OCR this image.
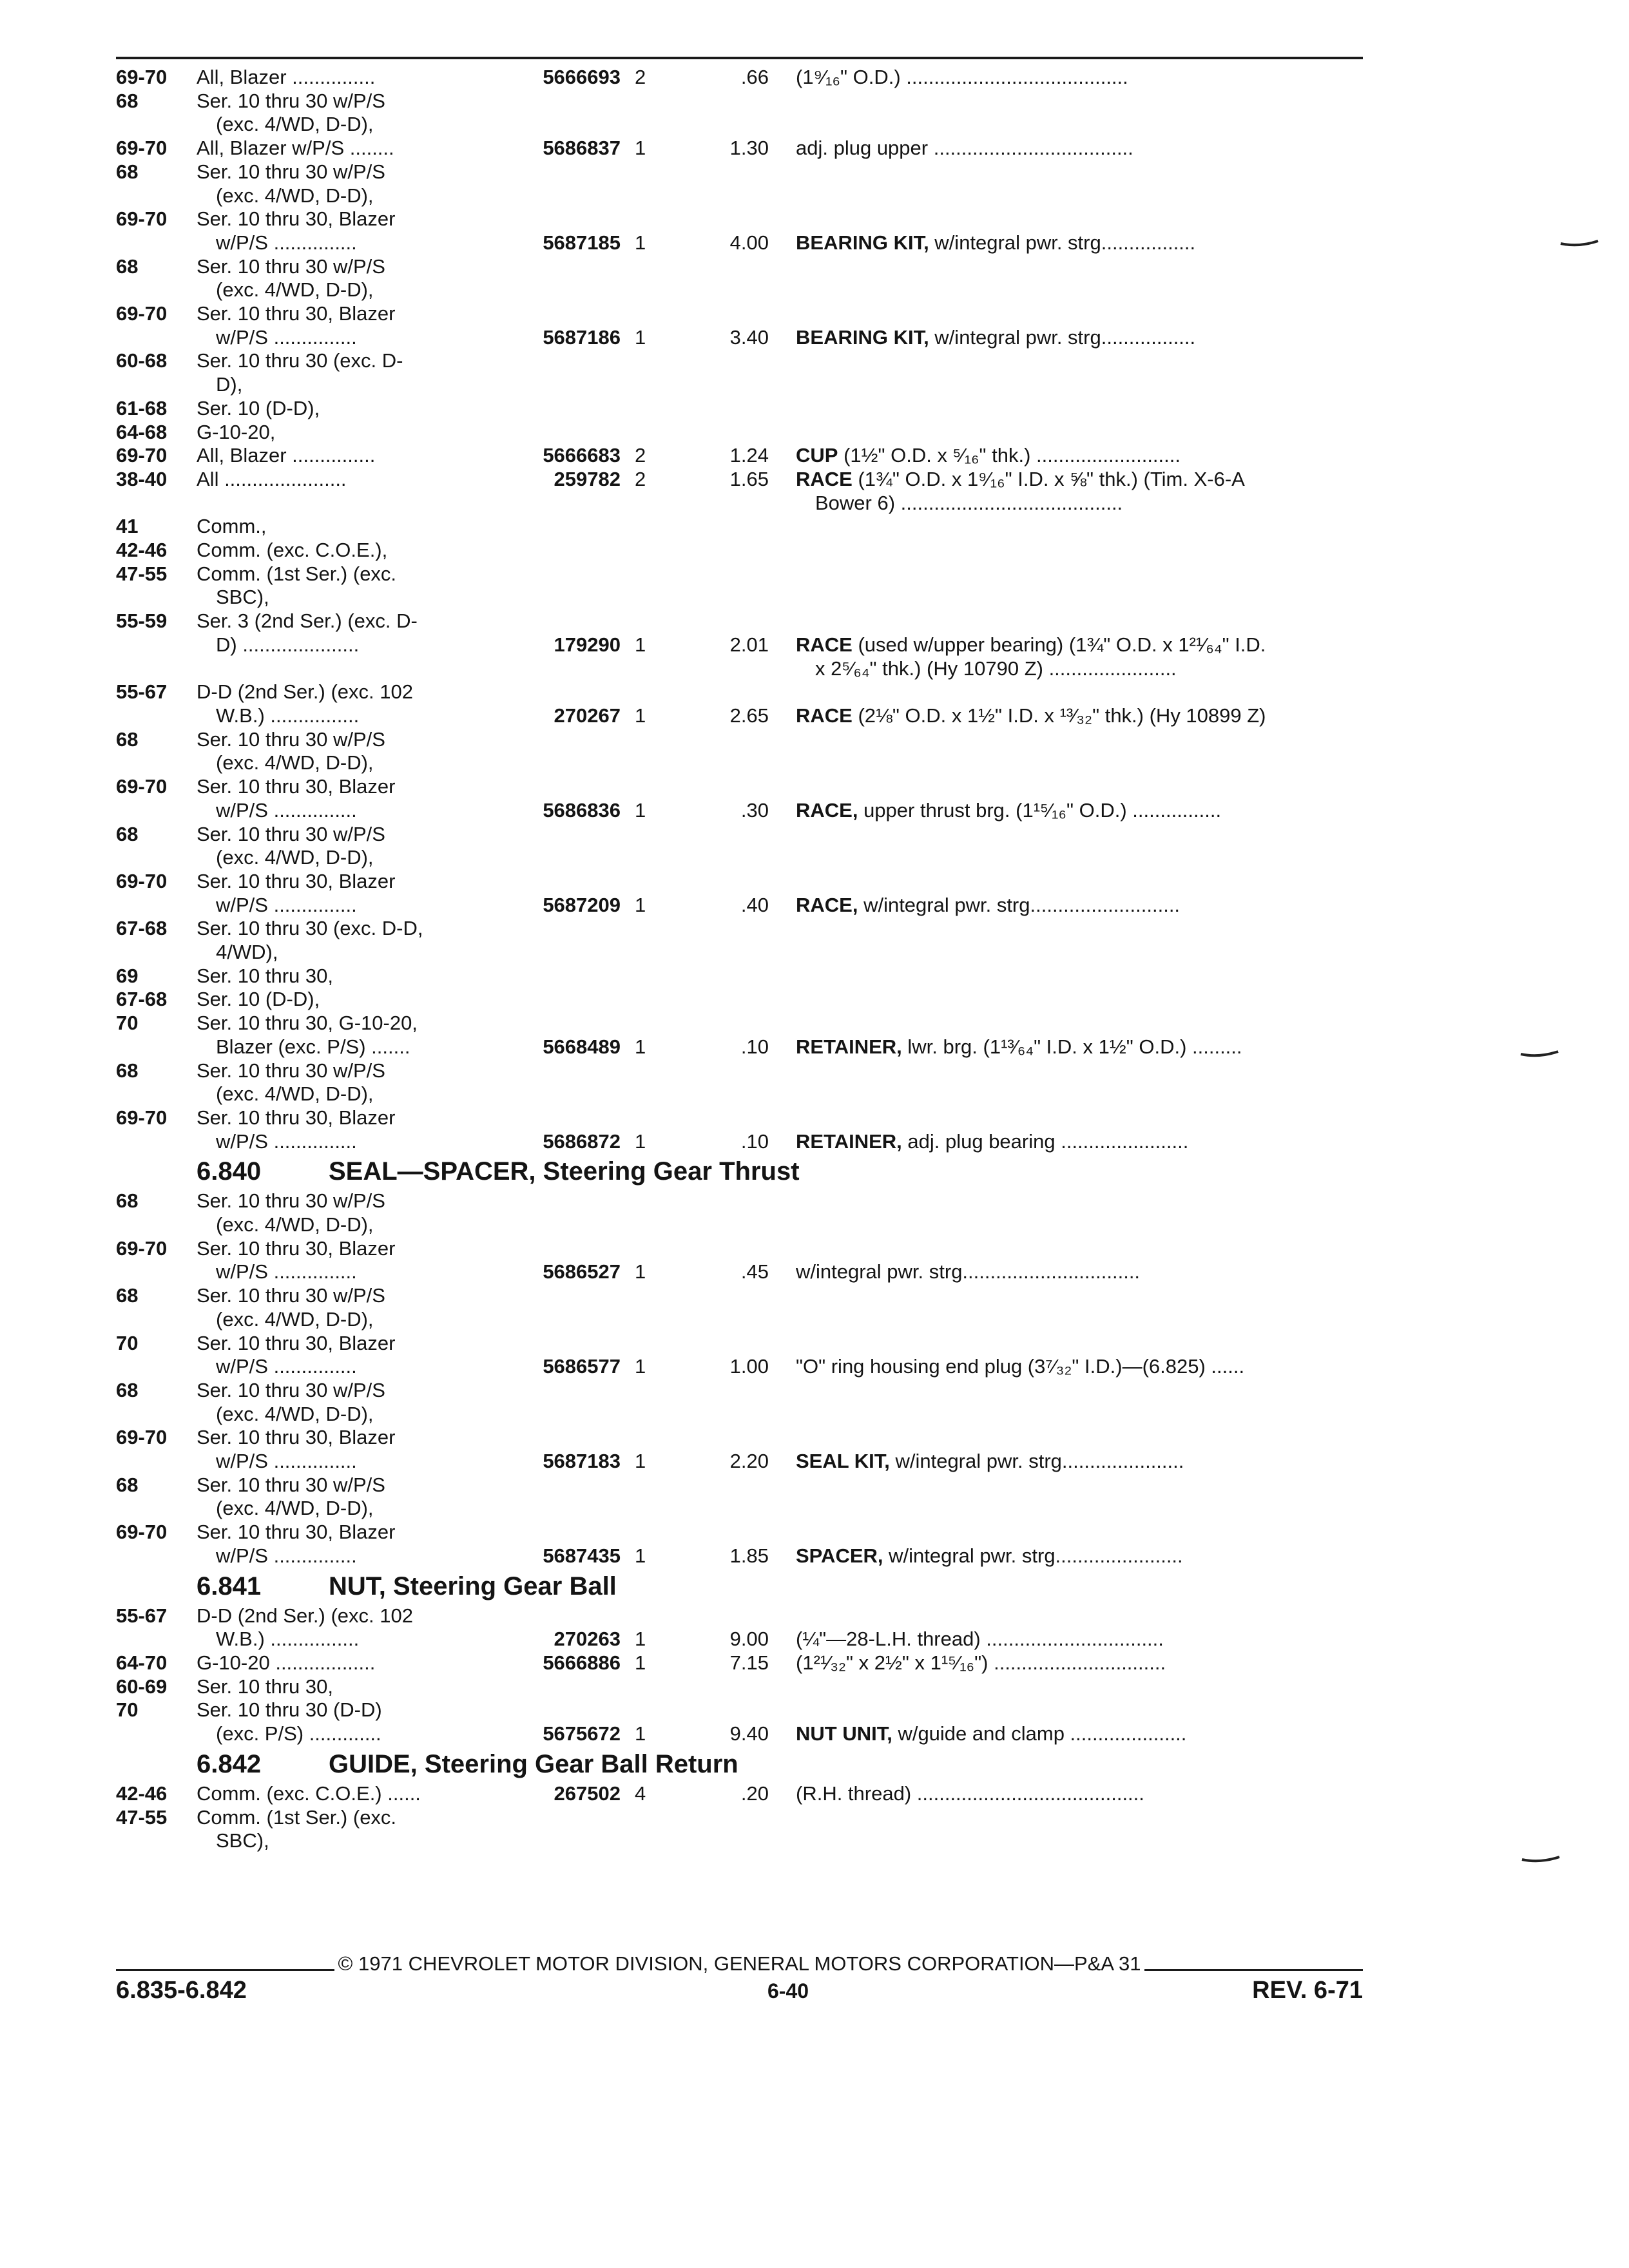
69-70	All, Blazer ...............	5666693 2	.66	(1⁹⁄₁₆" O.D.) ........................................
68	Ser. 10 thru 30 w/P/S
(exc. 4/WD, D-D),
69-70	All, Blazer w/P/S ........	5686837 1	1.30	adj. plug upper ....................................
68	Ser. 10 thru 30 w/P/S
(exc. 4/WD, D-D),
69-70	Ser. 10 thru 30, Blazer
w/P/S ...............	5687185 1	4.00	BEARING KIT, w/integral pwr. strg.................
68	Ser. 10 thru 30 w/P/S
(exc. 4/WD, D-D),
69-70	Ser. 10 thru 30, Blazer
w/P/S ...............	5687186 1	3.40	BEARING KIT, w/integral pwr. strg.................
60-68	Ser. 10 thru 30 (exc. D-
D),
61-68	Ser. 10 (D-D),
64-68	G-10-20,
69-70	All, Blazer ...............	5666683 2	1.24	CUP (1½" O.D. x ⁵⁄₁₆" thk.) ..........................
38-40	All ......................	259782 2	1.65	RACE (1¾" O.D. x 1⁹⁄₁₆" I.D. x ⅝" thk.) (Tim. X-6-A
Bower 6) ........................................
41	Comm.,
42-46	Comm. (exc. C.O.E.),
47-55	Comm. (1st Ser.) (exc.
SBC),
55-59	Ser. 3 (2nd Ser.) (exc. D-
D) .....................	179290 1	2.01	RACE (used w/upper bearing) (1¾" O.D. x 1²¹⁄₆₄" I.D.
x 2⁵⁄₆₄" thk.) (Hy 10790 Z) .......................
55-67	D-D (2nd Ser.) (exc. 102
W.B.) ................	270267 1	2.65	RACE (2⅛" O.D. x 1½" I.D. x ¹³⁄₃₂" thk.) (Hy 10899 Z)
68	Ser. 10 thru 30 w/P/S
(exc. 4/WD, D-D),
69-70	Ser. 10 thru 30, Blazer
w/P/S ...............	5686836 1	.30	RACE, upper thrust brg. (1¹⁵⁄₁₆" O.D.) ................
68	Ser. 10 thru 30 w/P/S
(exc. 4/WD, D-D),
69-70	Ser. 10 thru 30, Blazer
w/P/S ...............	5687209 1	.40	RACE, w/integral pwr. strg...........................
67-68	Ser. 10 thru 30 (exc. D-D,
4/WD),
69	Ser. 10 thru 30,
67-68	Ser. 10 (D-D),
70	Ser. 10 thru 30, G-10-20,
Blazer (exc. P/S) .......	5668489 1	.10	RETAINER, lwr. brg. (1¹³⁄₆₄" I.D. x 1½" O.D.) .........
68	Ser. 10 thru 30 w/P/S
(exc. 4/WD, D-D),
69-70	Ser. 10 thru 30, Blazer
w/P/S ...............	5686872 1	.10	RETAINER, adj. plug bearing .......................
6.840	SEAL—SPACER, Steering Gear Thrust
68	Ser. 10 thru 30 w/P/S
(exc. 4/WD, D-D),
69-70	Ser. 10 thru 30, Blazer
w/P/S ...............	5686527 1	.45	w/integral pwr. strg................................
68	Ser. 10 thru 30 w/P/S
(exc. 4/WD, D-D),
70	Ser. 10 thru 30, Blazer
w/P/S ...............	5686577 1	1.00	"O" ring housing end plug (3⁷⁄₃₂" I.D.)—(6.825) ......
68	Ser. 10 thru 30 w/P/S
(exc. 4/WD, D-D),
69-70	Ser. 10 thru 30, Blazer
w/P/S ...............	5687183 1	2.20	SEAL KIT, w/integral pwr. strg......................
68	Ser. 10 thru 30 w/P/S
(exc. 4/WD, D-D),
69-70	Ser. 10 thru 30, Blazer
w/P/S ...............	5687435 1	1.85	SPACER, w/integral pwr. strg.......................
6.841	NUT, Steering Gear Ball
55-67	D-D (2nd Ser.) (exc. 102
W.B.) ................	270263 1	9.00	(¼"—28-L.H. thread) ................................
64-70	G-10-20 ..................	5666886 1	7.15	(1²¹⁄₃₂" x 2½" x 1¹⁵⁄₁₆") ...............................
60-69	Ser. 10 thru 30,
70	Ser. 10 thru 30 (D-D)
(exc. P/S) .............	5675672 1	9.40	NUT UNIT, w/guide and clamp .....................
6.842	GUIDE, Steering Gear Ball Return
42-46	Comm. (exc. C.O.E.) ......	267502 4	.20	(R.H. thread) .........................................
47-55	Comm. (1st Ser.) (exc.
SBC),
© 1971 CHEVROLET MOTOR DIVISION, GENERAL MOTORS CORPORATION—P&A 31
6.835-6.842	6-40	REV. 6-71
